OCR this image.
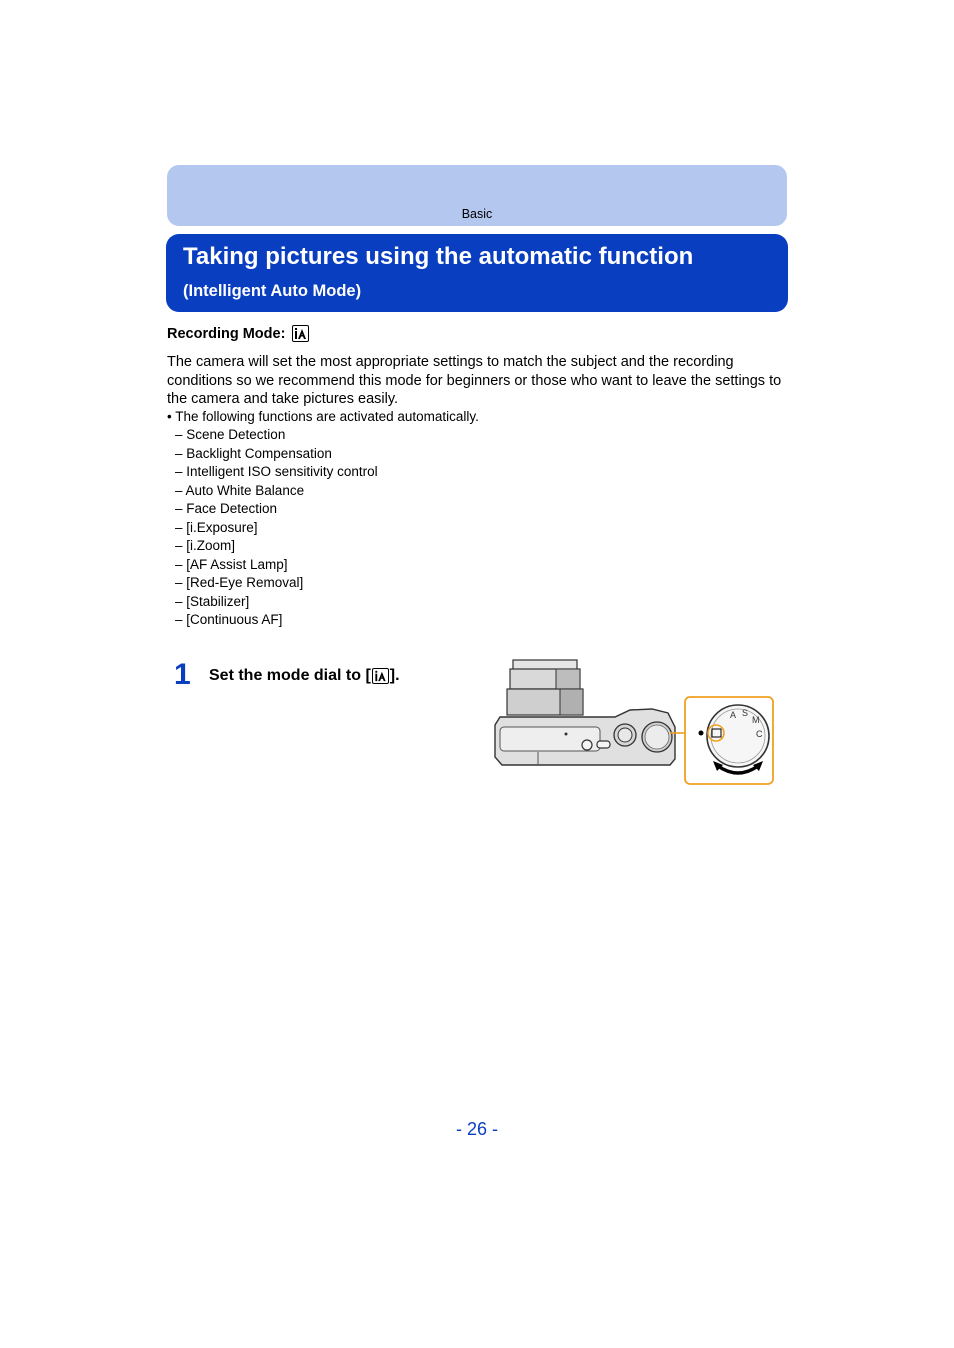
Basic
Taking pictures using the automatic function
(Intelligent Auto Mode)
Recording Mode:
The camera will set the most appropriate settings to match the subject and the recording conditions so we recommend this mode for beginners or those who want to leave the settings to the camera and take pictures easily.
• The following functions are activated automatically.
– Scene Detection
– Backlight Compensation
– Intelligent ISO sensitivity control
– Auto White Balance
– Face Detection
– [i.Exposure]
– [i.Zoom]
– [AF Assist Lamp]
– [Red-Eye Removal]
– [Stabilizer]
– [Continuous AF]
1 Set the mode dial to [ ].
A S
M
C
- 26 -
